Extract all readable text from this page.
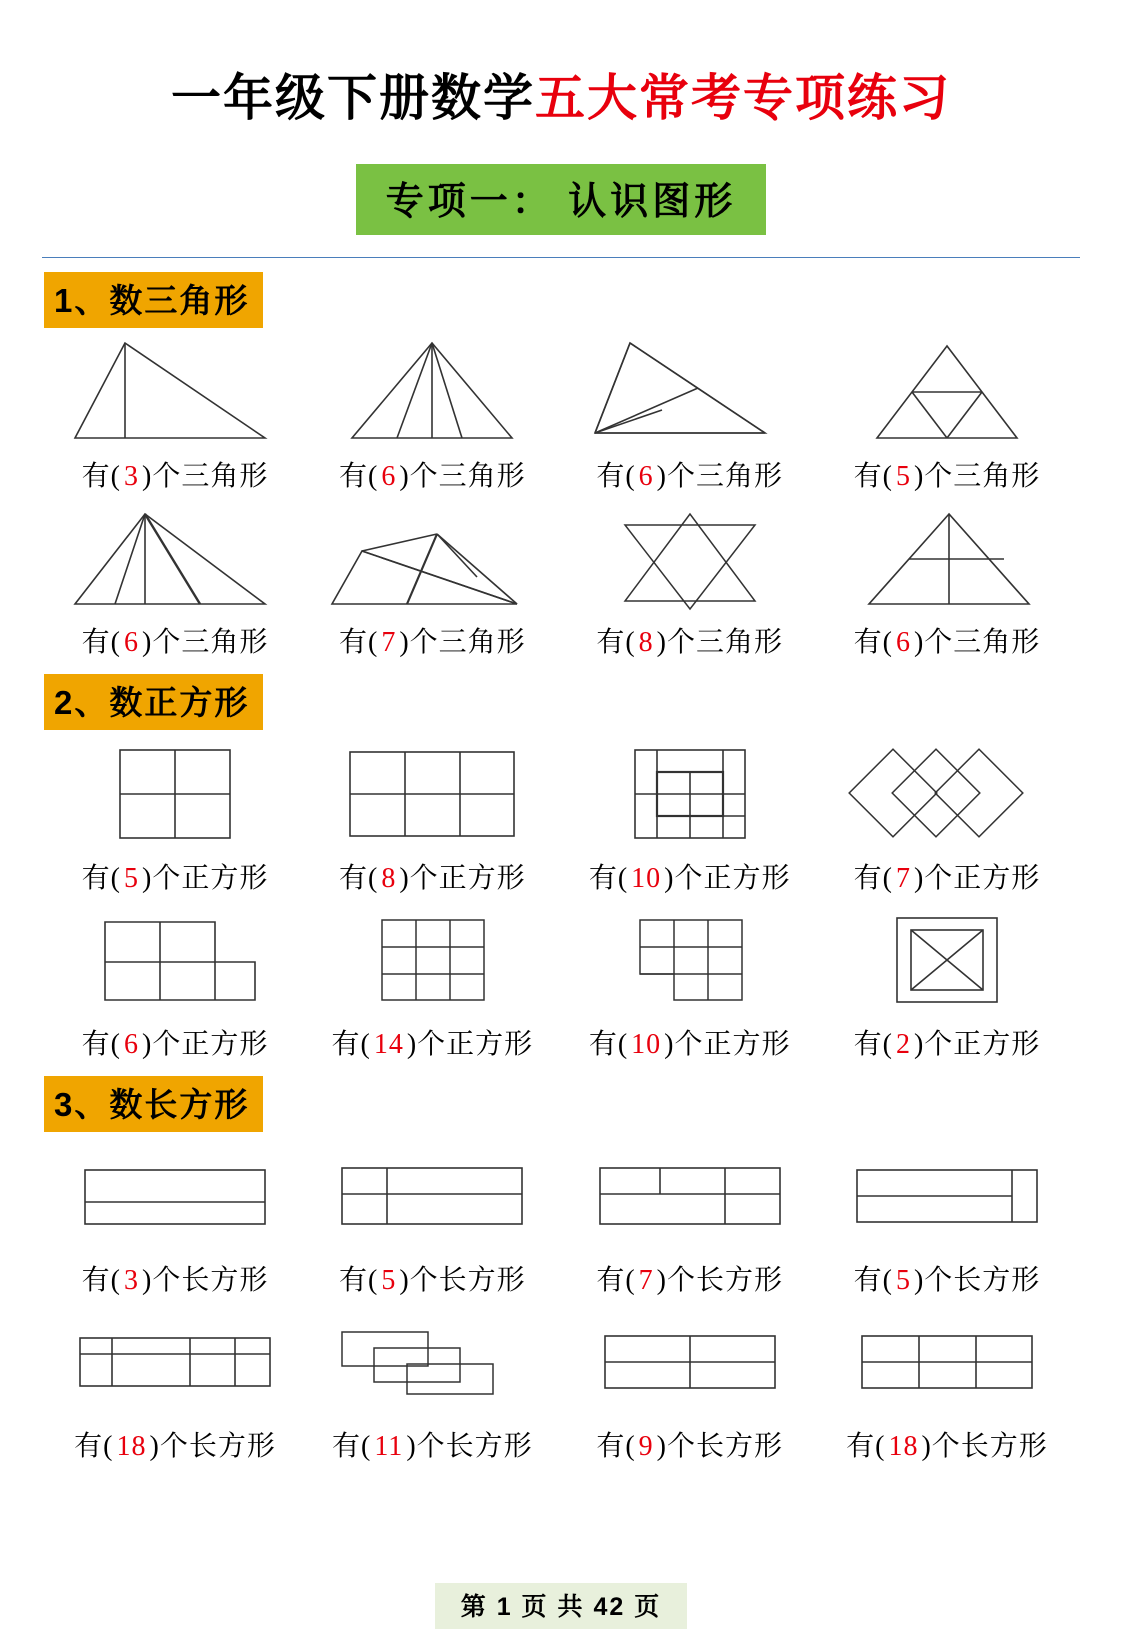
一年级下册数学五大常考专项练习
专项一： 认识图形
1、数三角形
有( 3 )个三角形	有( 6 )个三角形	有( 6 )个三角形	有( 5 )个三角形
有( 6 )个三角形	有( 7 )个三角形	有( 8 )个三角形	有( 6 )个三角形
2、数正方形
有( 5 )个正方形	有( 8 )个正方形 有( 10 )个正方形 有( 7 )个正方形
有( 6 )个正方形 有( 14 )个正方形 有( 10 )个正方形 有( 2 )个正方形
3、数长方形
有( 3 )个长方形	有( 5 )个长方形	有( 7 )个长方形	有( 5 )个长方形
有( 18 )个长方形 有( 11 )个长方形 有( 9 )个长方形 有( 18 )个长方形
第 1 页 共 42 页
